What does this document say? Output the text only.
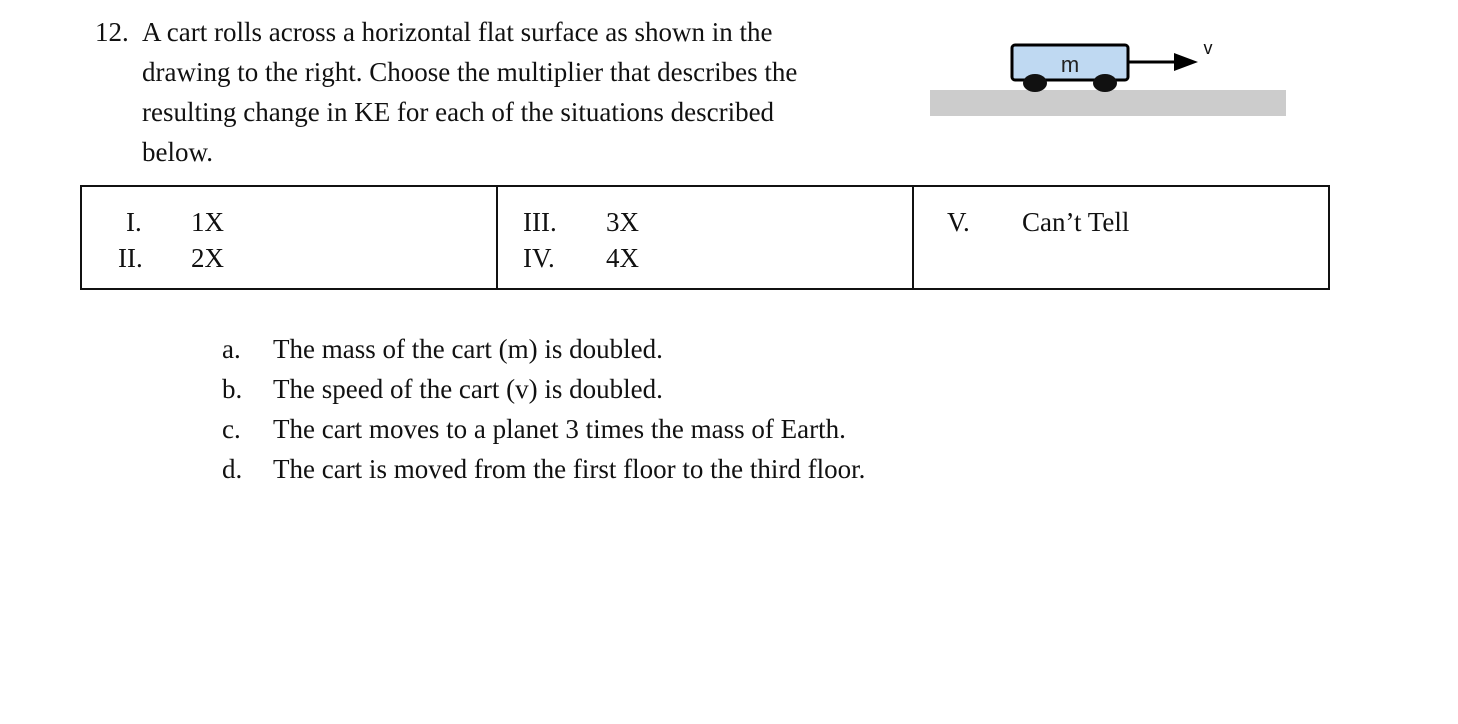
12. A cart rolls across a horizontal flat surface as shown in the
drawing to the right. Choose the multiplier that describes the
resulting change in KE for each of the situations described
below.
m
v
I. 1X
II. 2X

III. 3X
IV. 4X

V. Can’t Tell
a. The mass of the cart (m) is doubled.
b. The speed of the cart (v) is doubled.
c. The cart moves to a planet 3 times the mass of Earth.
d. The cart is moved from the first floor to the third floor.
